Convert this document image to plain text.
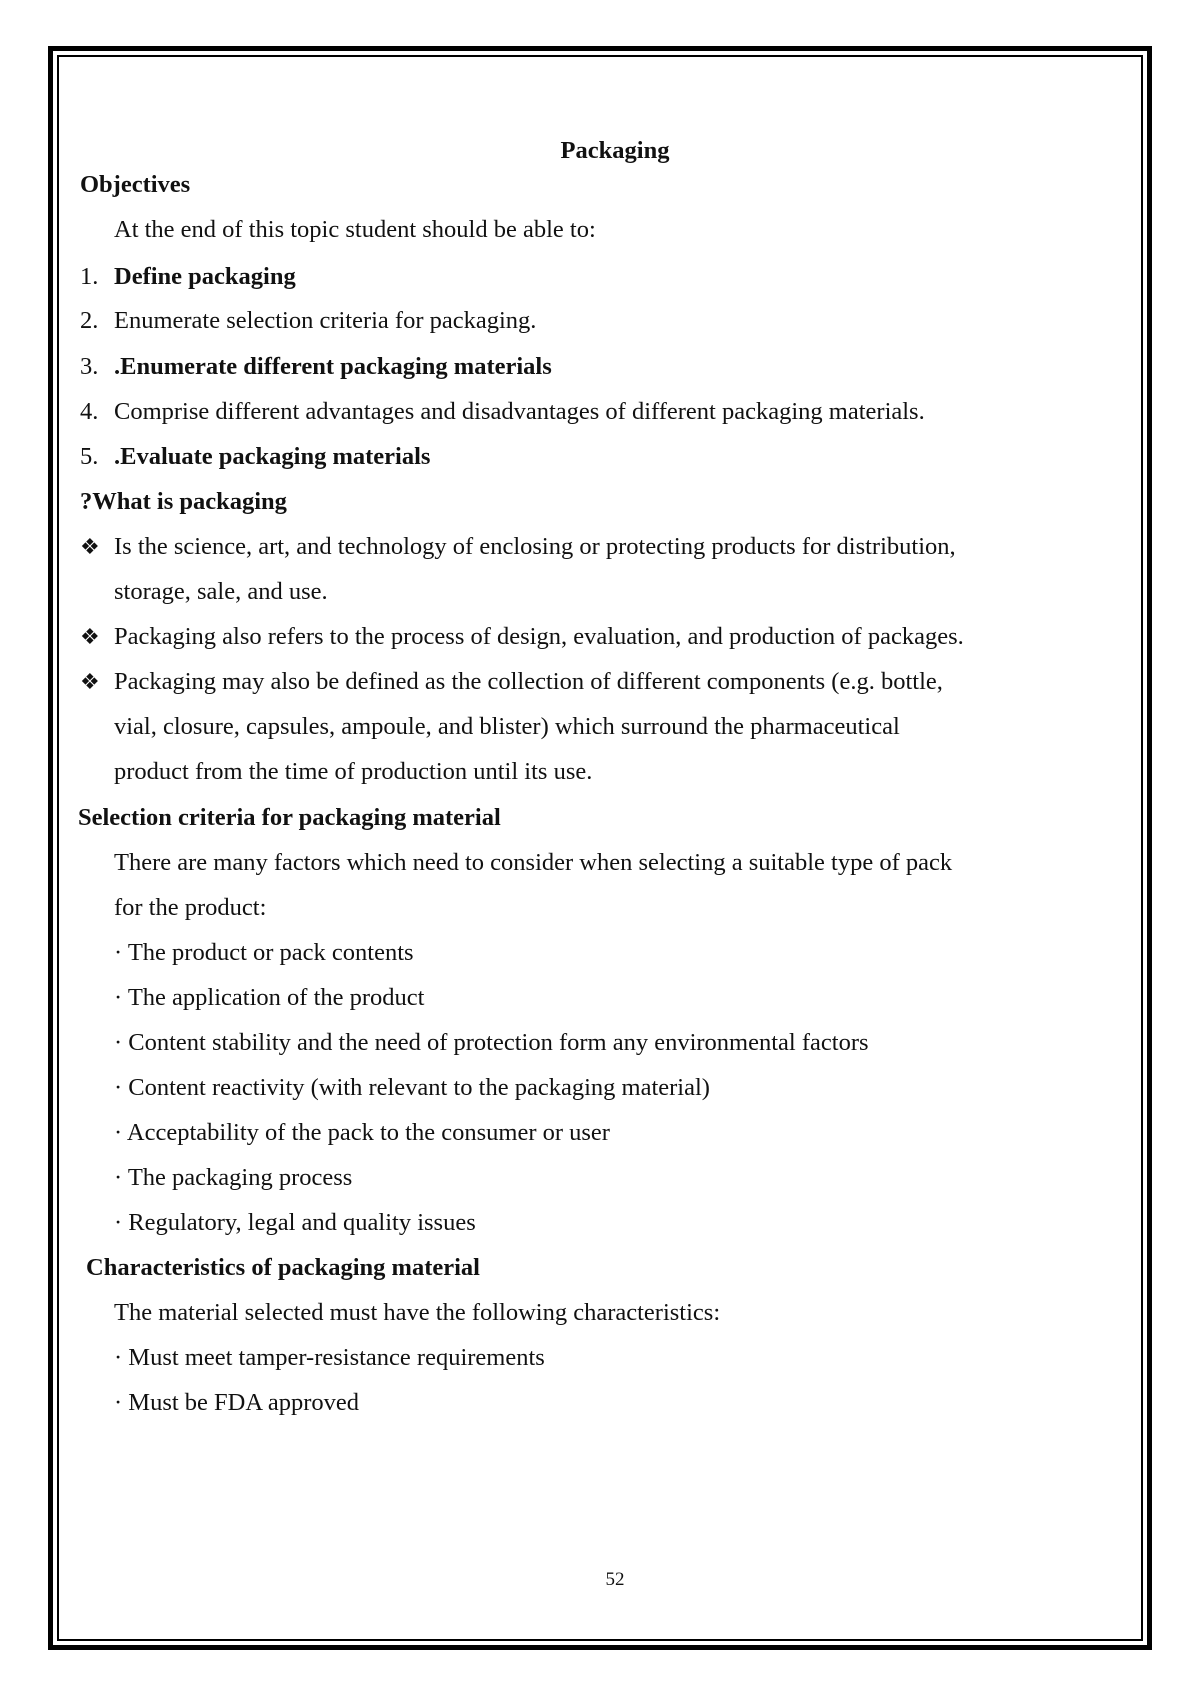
Packaging
Objectives
At the end of this topic student should be able to:
1. Define packaging
2. Enumerate selection criteria for packaging.
3. .Enumerate different packaging materials
4. Comprise different advantages and disadvantages of different packaging materials.
5. .Evaluate packaging materials
?What is packaging
❖ Is the science, art, and technology of enclosing or protecting products for distribution,
storage, sale, and use.
❖ Packaging also refers to the process of design, evaluation, and production of packages.
❖ Packaging may also be defined as the collection of different components (e.g. bottle,
vial, closure, capsules, ampoule, and blister) which surround the pharmaceutical
product from the time of production until its use.
Selection criteria for packaging material
There are many factors which need to consider when selecting a suitable type of pack
for the product:
· The product or pack contents
· The application of the product
· Content stability and the need of protection form any environmental factors
· Content reactivity (with relevant to the packaging material)
· Acceptability of the pack to the consumer or user
· The packaging process
· Regulatory, legal and quality issues
Characteristics of packaging material
The material selected must have the following characteristics:
· Must meet tamper-resistance requirements
· Must be FDA approved
52
